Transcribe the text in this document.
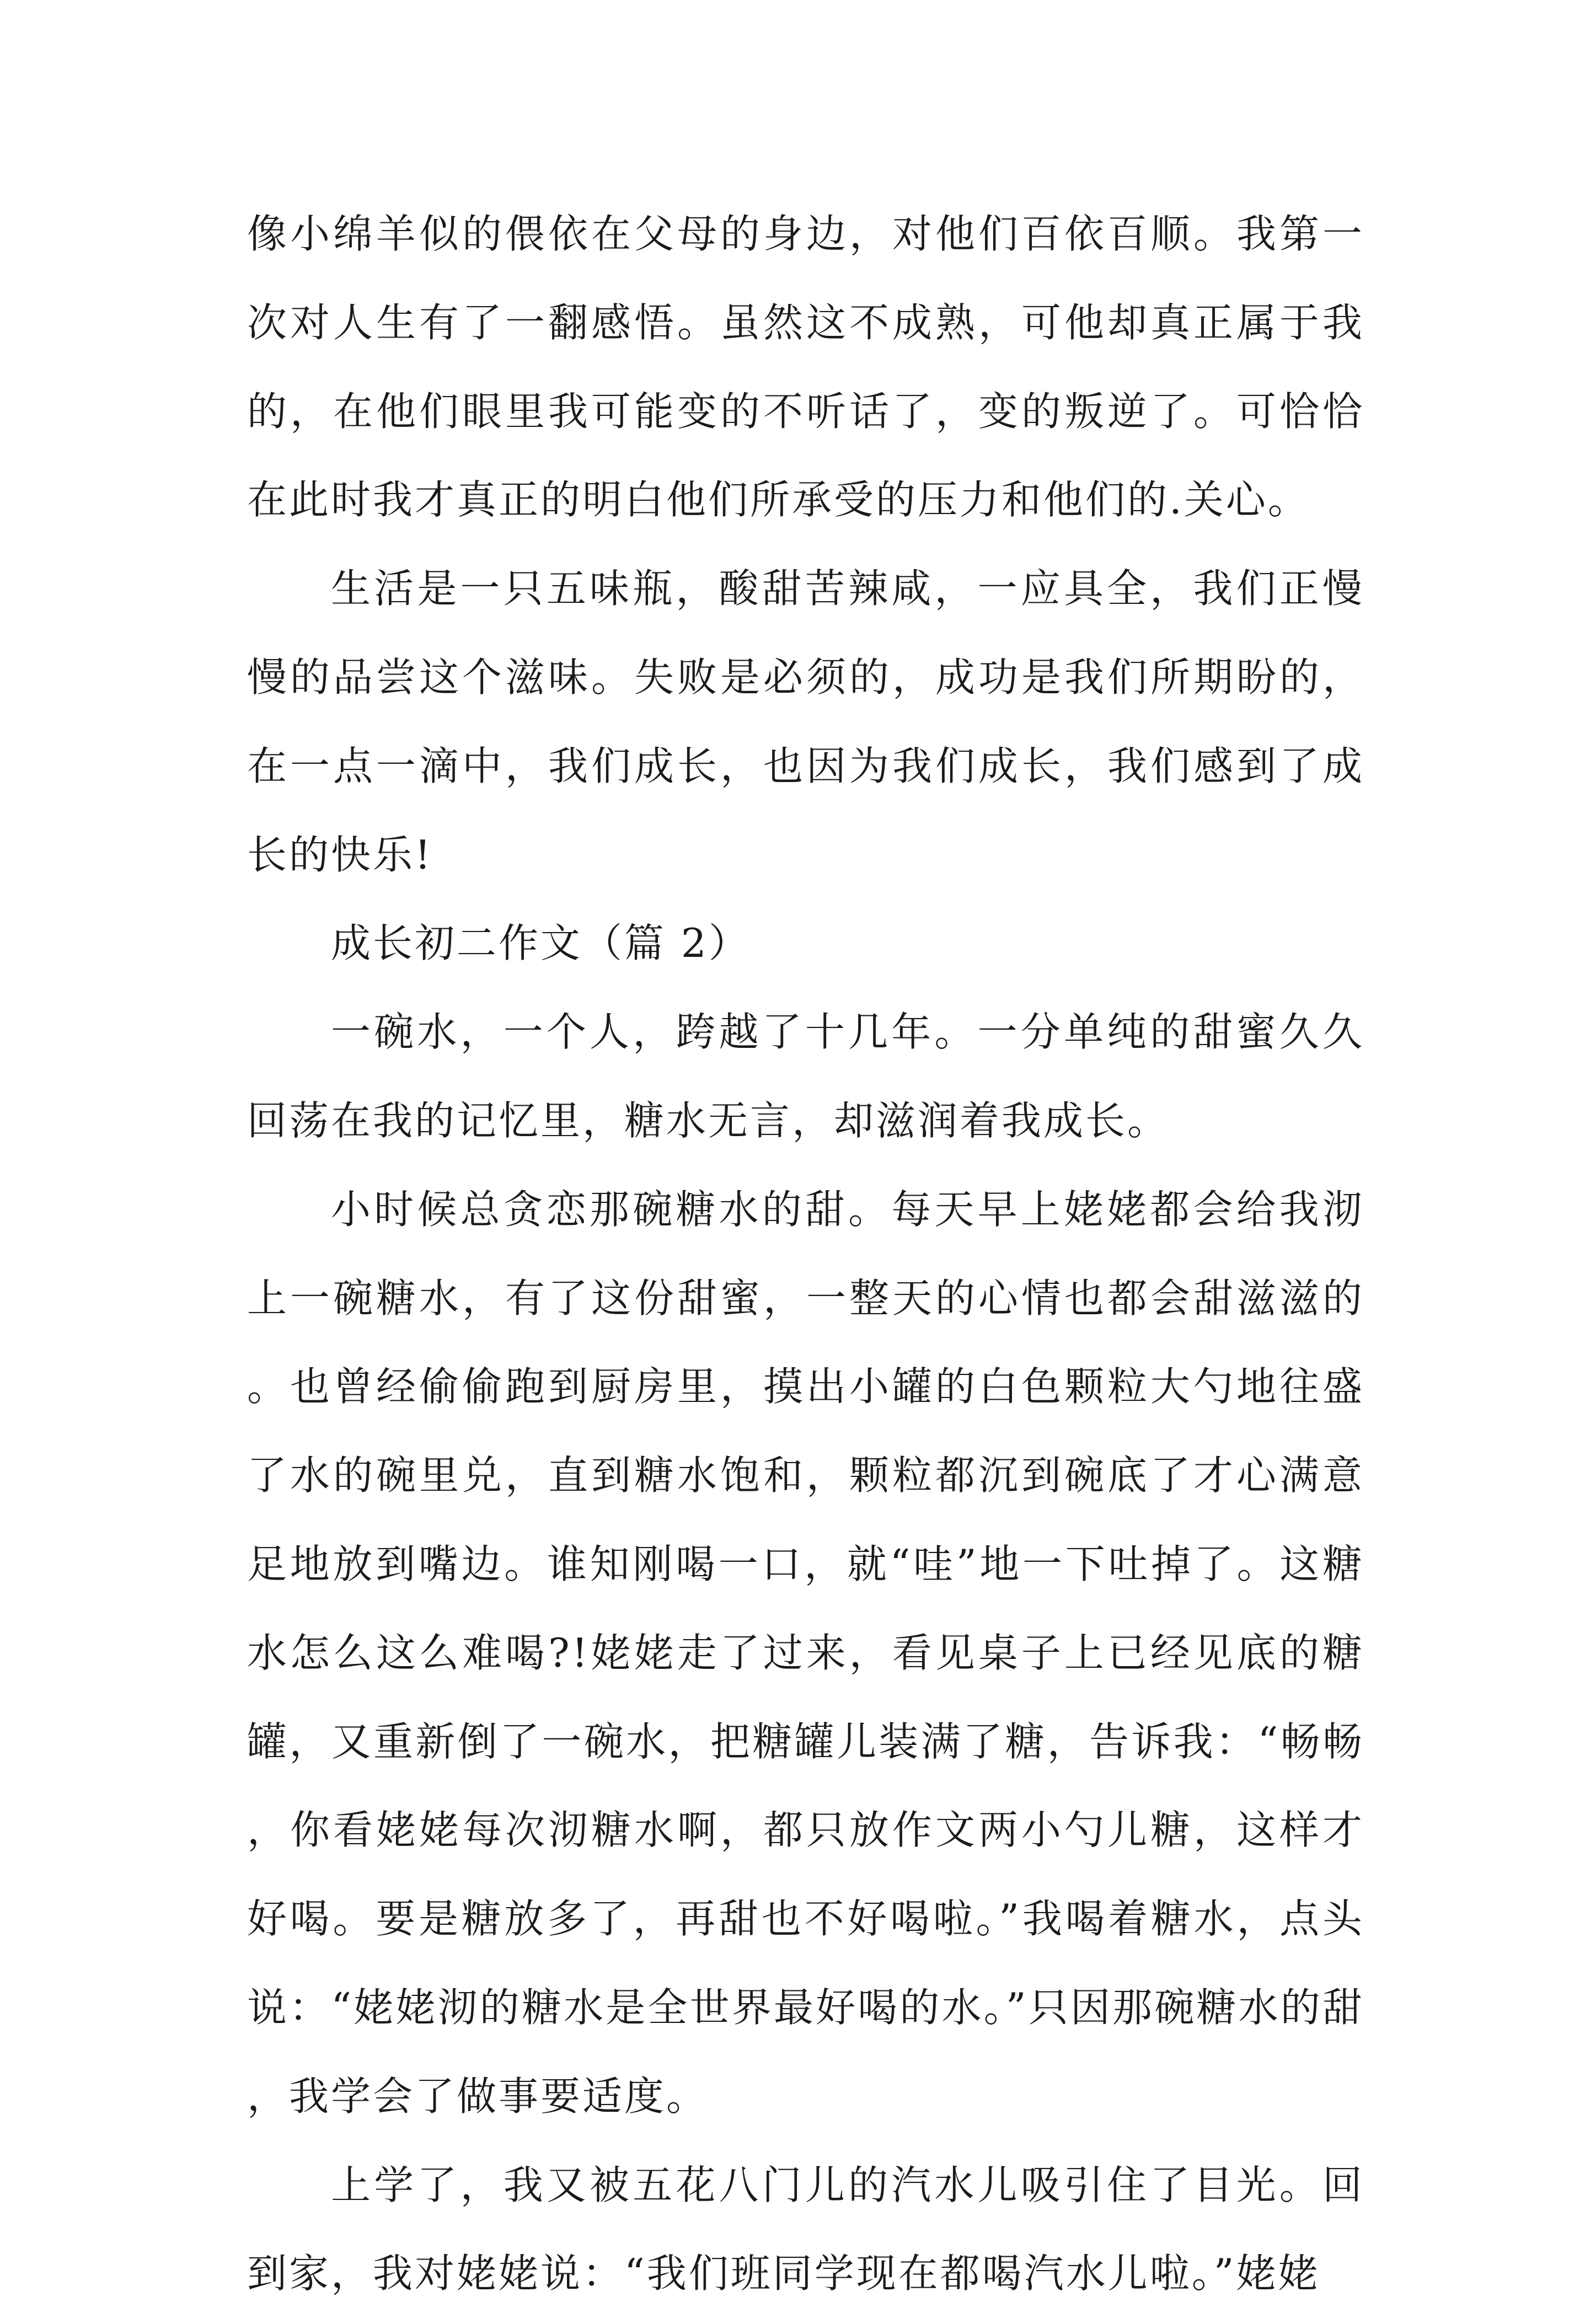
像小绵羊似的偎依在父母的身边，对他们百依百顺。我第一次对人生有了一翻感悟。虽然这不成熟，可他却真正属于我的，在他们眼里我可能变的不听话了，变的叛逆了。可恰恰在此时我才真正的明白他们所承受的压力和他们的.关心。

生活是一只五味瓶，酸甜苦辣咸，一应具全，我们正慢慢的品尝这个滋味。失败是必须的，成功是我们所期盼的，在一点一滴中，我们成长，也因为我们成长，我们感到了成长的快乐!

成长初二作文（篇 2）

一碗水，一个人，跨越了十几年。一分单纯的甜蜜久久回荡在我的记忆里，糖水无言，却滋润着我成长。

小时候总贪恋那碗糖水的甜。每天早上姥姥都会给我沏上一碗糖水，有了这份甜蜜，一整天的心情也都会甜滋滋的。也曾经偷偷跑到厨房里，摸出小罐的白色颗粒大勺地往盛了水的碗里兑，直到糖水饱和，颗粒都沉到碗底了才心满意足地放到嘴边。谁知刚喝一口，就“哇”地一下吐掉了。这糖水怎么这么难喝?!姥姥走了过来，看见桌子上已经见底的糖罐，又重新倒了一碗水，把糖罐儿装满了糖，告诉我：“畅畅，你看姥姥每次沏糖水啊，都只放作文两小勺儿糖，这样才好喝。要是糖放多了，再甜也不好喝啦。”我喝着糖水，点头说：“姥姥沏的糖水是全世界最好喝的水。”只因那碗糖水的甜，我学会了做事要适度。

上学了，我又被五花八门儿的汽水儿吸引住了目光。回到家，我对姥姥说：“我们班同学现在都喝汽水儿啦。”姥姥
